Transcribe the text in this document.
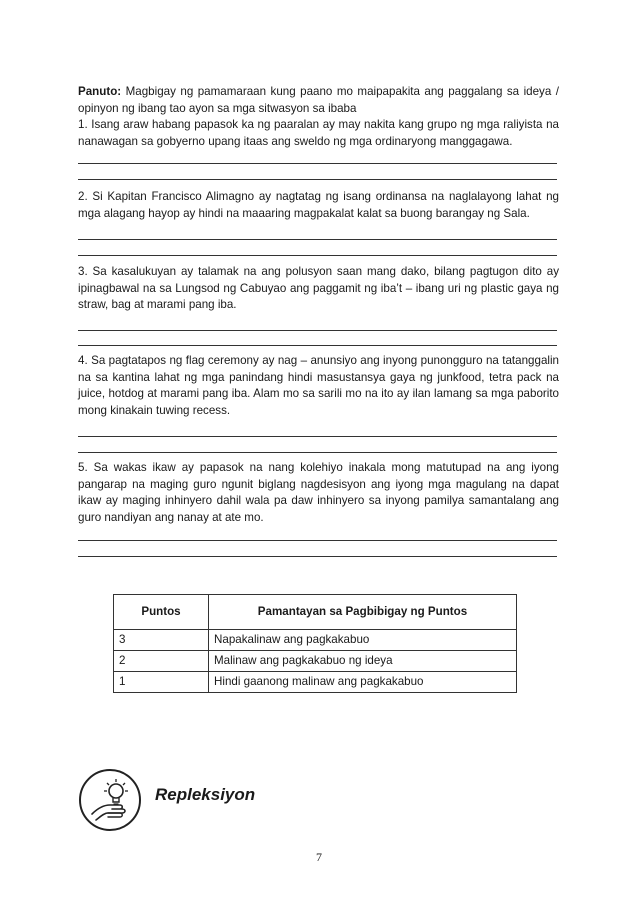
Panuto: Magbigay ng pamamaraan kung paano mo maipapakita ang paggalang sa ideya / opinyon ng ibang tao ayon sa mga sitwasyon sa ibaba

1. Isang araw habang papasok ka ng paaralan ay may nakita kang grupo ng mga raliyista na nanawagan sa gobyerno upang itaas ang sweldo ng mga ordinaryong manggagawa.

2. Si Kapitan Francisco Alimagno ay nagtatag ng isang ordinansa na naglalayong lahat ng mga alagang hayop ay hindi na maaaring magpakalat kalat sa buong barangay ng Sala.

3. Sa kasalukuyan ay talamak na ang polusyon saan mang dako, bilang pagtugon dito ay ipinagbawal na sa Lungsod ng Cabuyao ang paggamit ng iba’t – ibang uri ng plastic gaya ng straw, bag at marami pang iba.

4. Sa pagtatapos ng flag ceremony ay nag – anunsiyo ang inyong punongguro na tatanggalin na sa kantina lahat ng mga panindang hindi masustansya gaya ng junkfood, tetra pack na juice, hotdog at marami pang iba. Alam mo sa sarili mo na ito ay ilan lamang sa mga paborito mong kinakain tuwing recess.

5. Sa wakas ikaw ay papasok na nang kolehiyo inakala mong matutupad na ang iyong pangarap na maging guro ngunit biglang nagdesisyon ang iyong mga magulang na dapat ikaw ay maging inhinyero dahil wala pa daw inhinyero sa inyong pamilya samantalang ang guro nandiyan ang nanay at ate mo.

Puntos	Pamantayan sa Pagbibigay ng Puntos
3	Napakalinaw ang pagkakabuo
2	Malinaw ang pagkakabuo ng ideya
1	Hindi gaanong malinaw ang pagkakabuo
Repleksiyon
7
